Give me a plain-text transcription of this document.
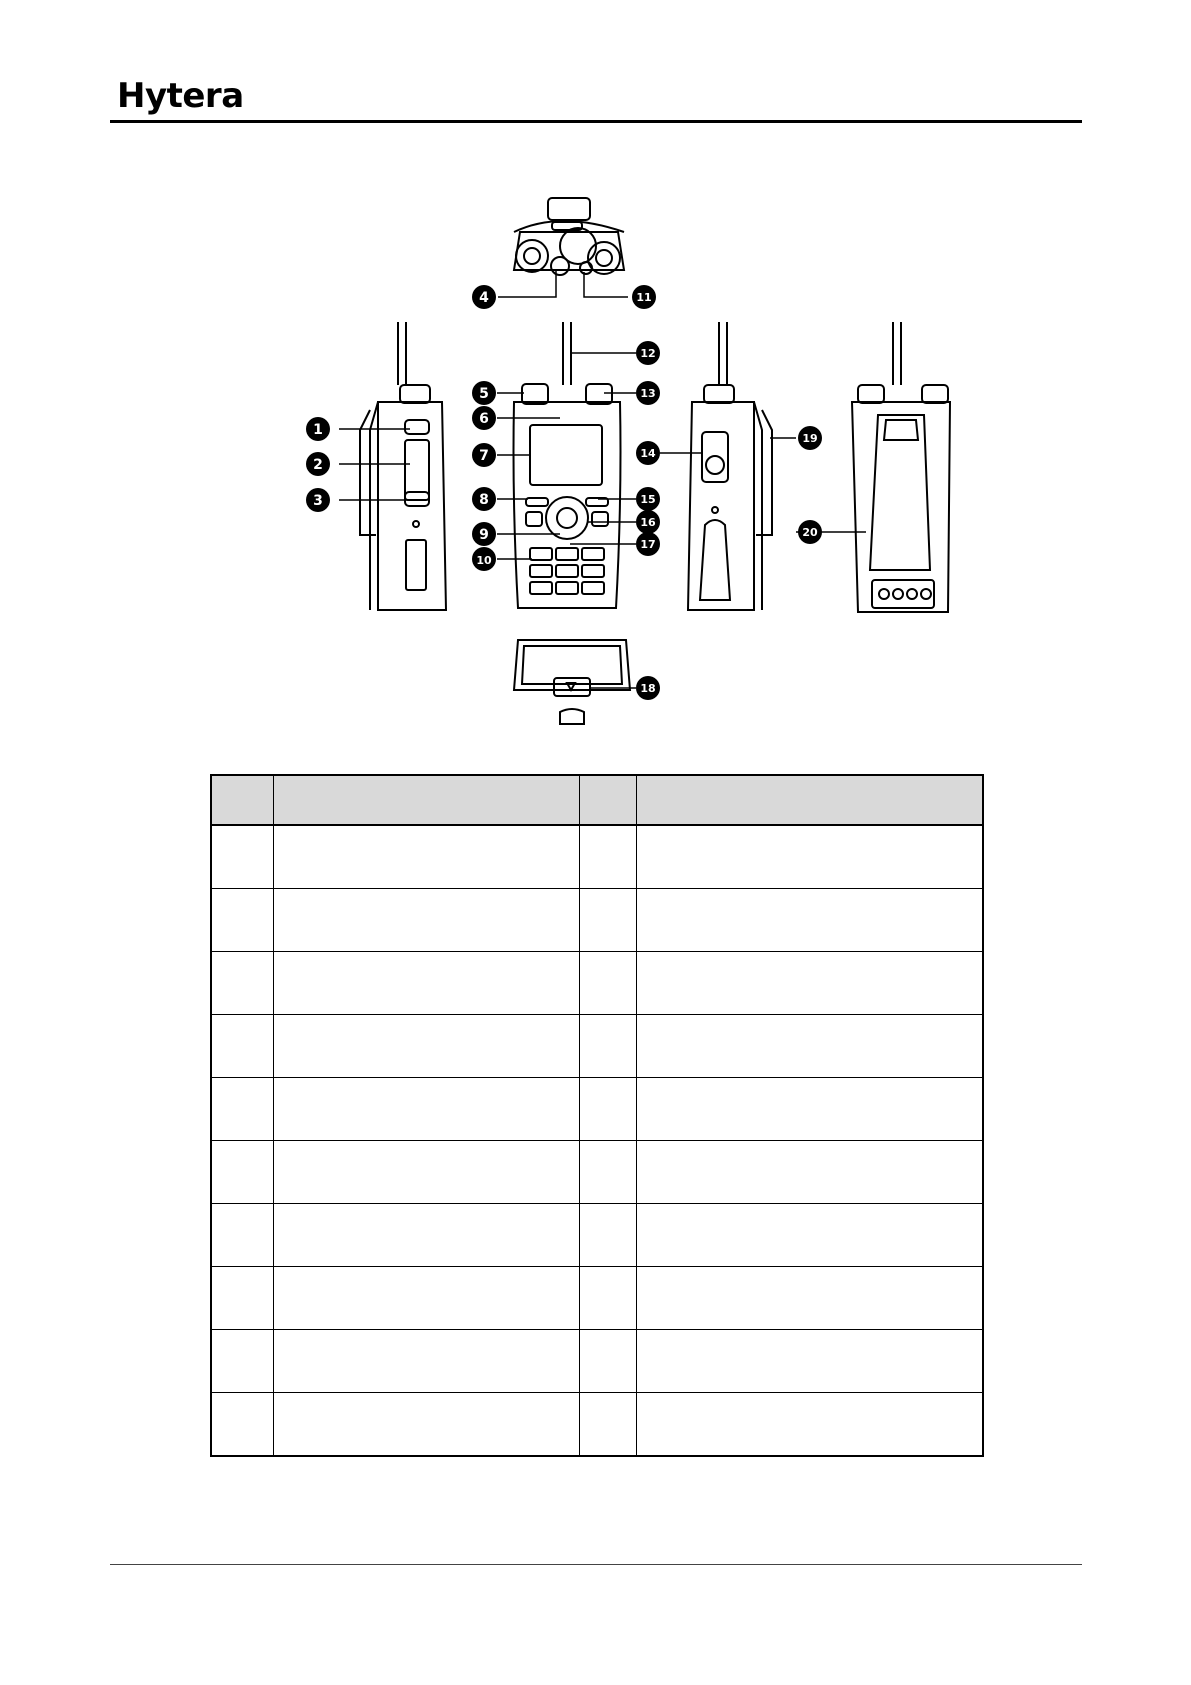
Hytera
1
2
3
4
5
6
7
8
9
10
11
12
13
14
15
16
17
18
19
20
